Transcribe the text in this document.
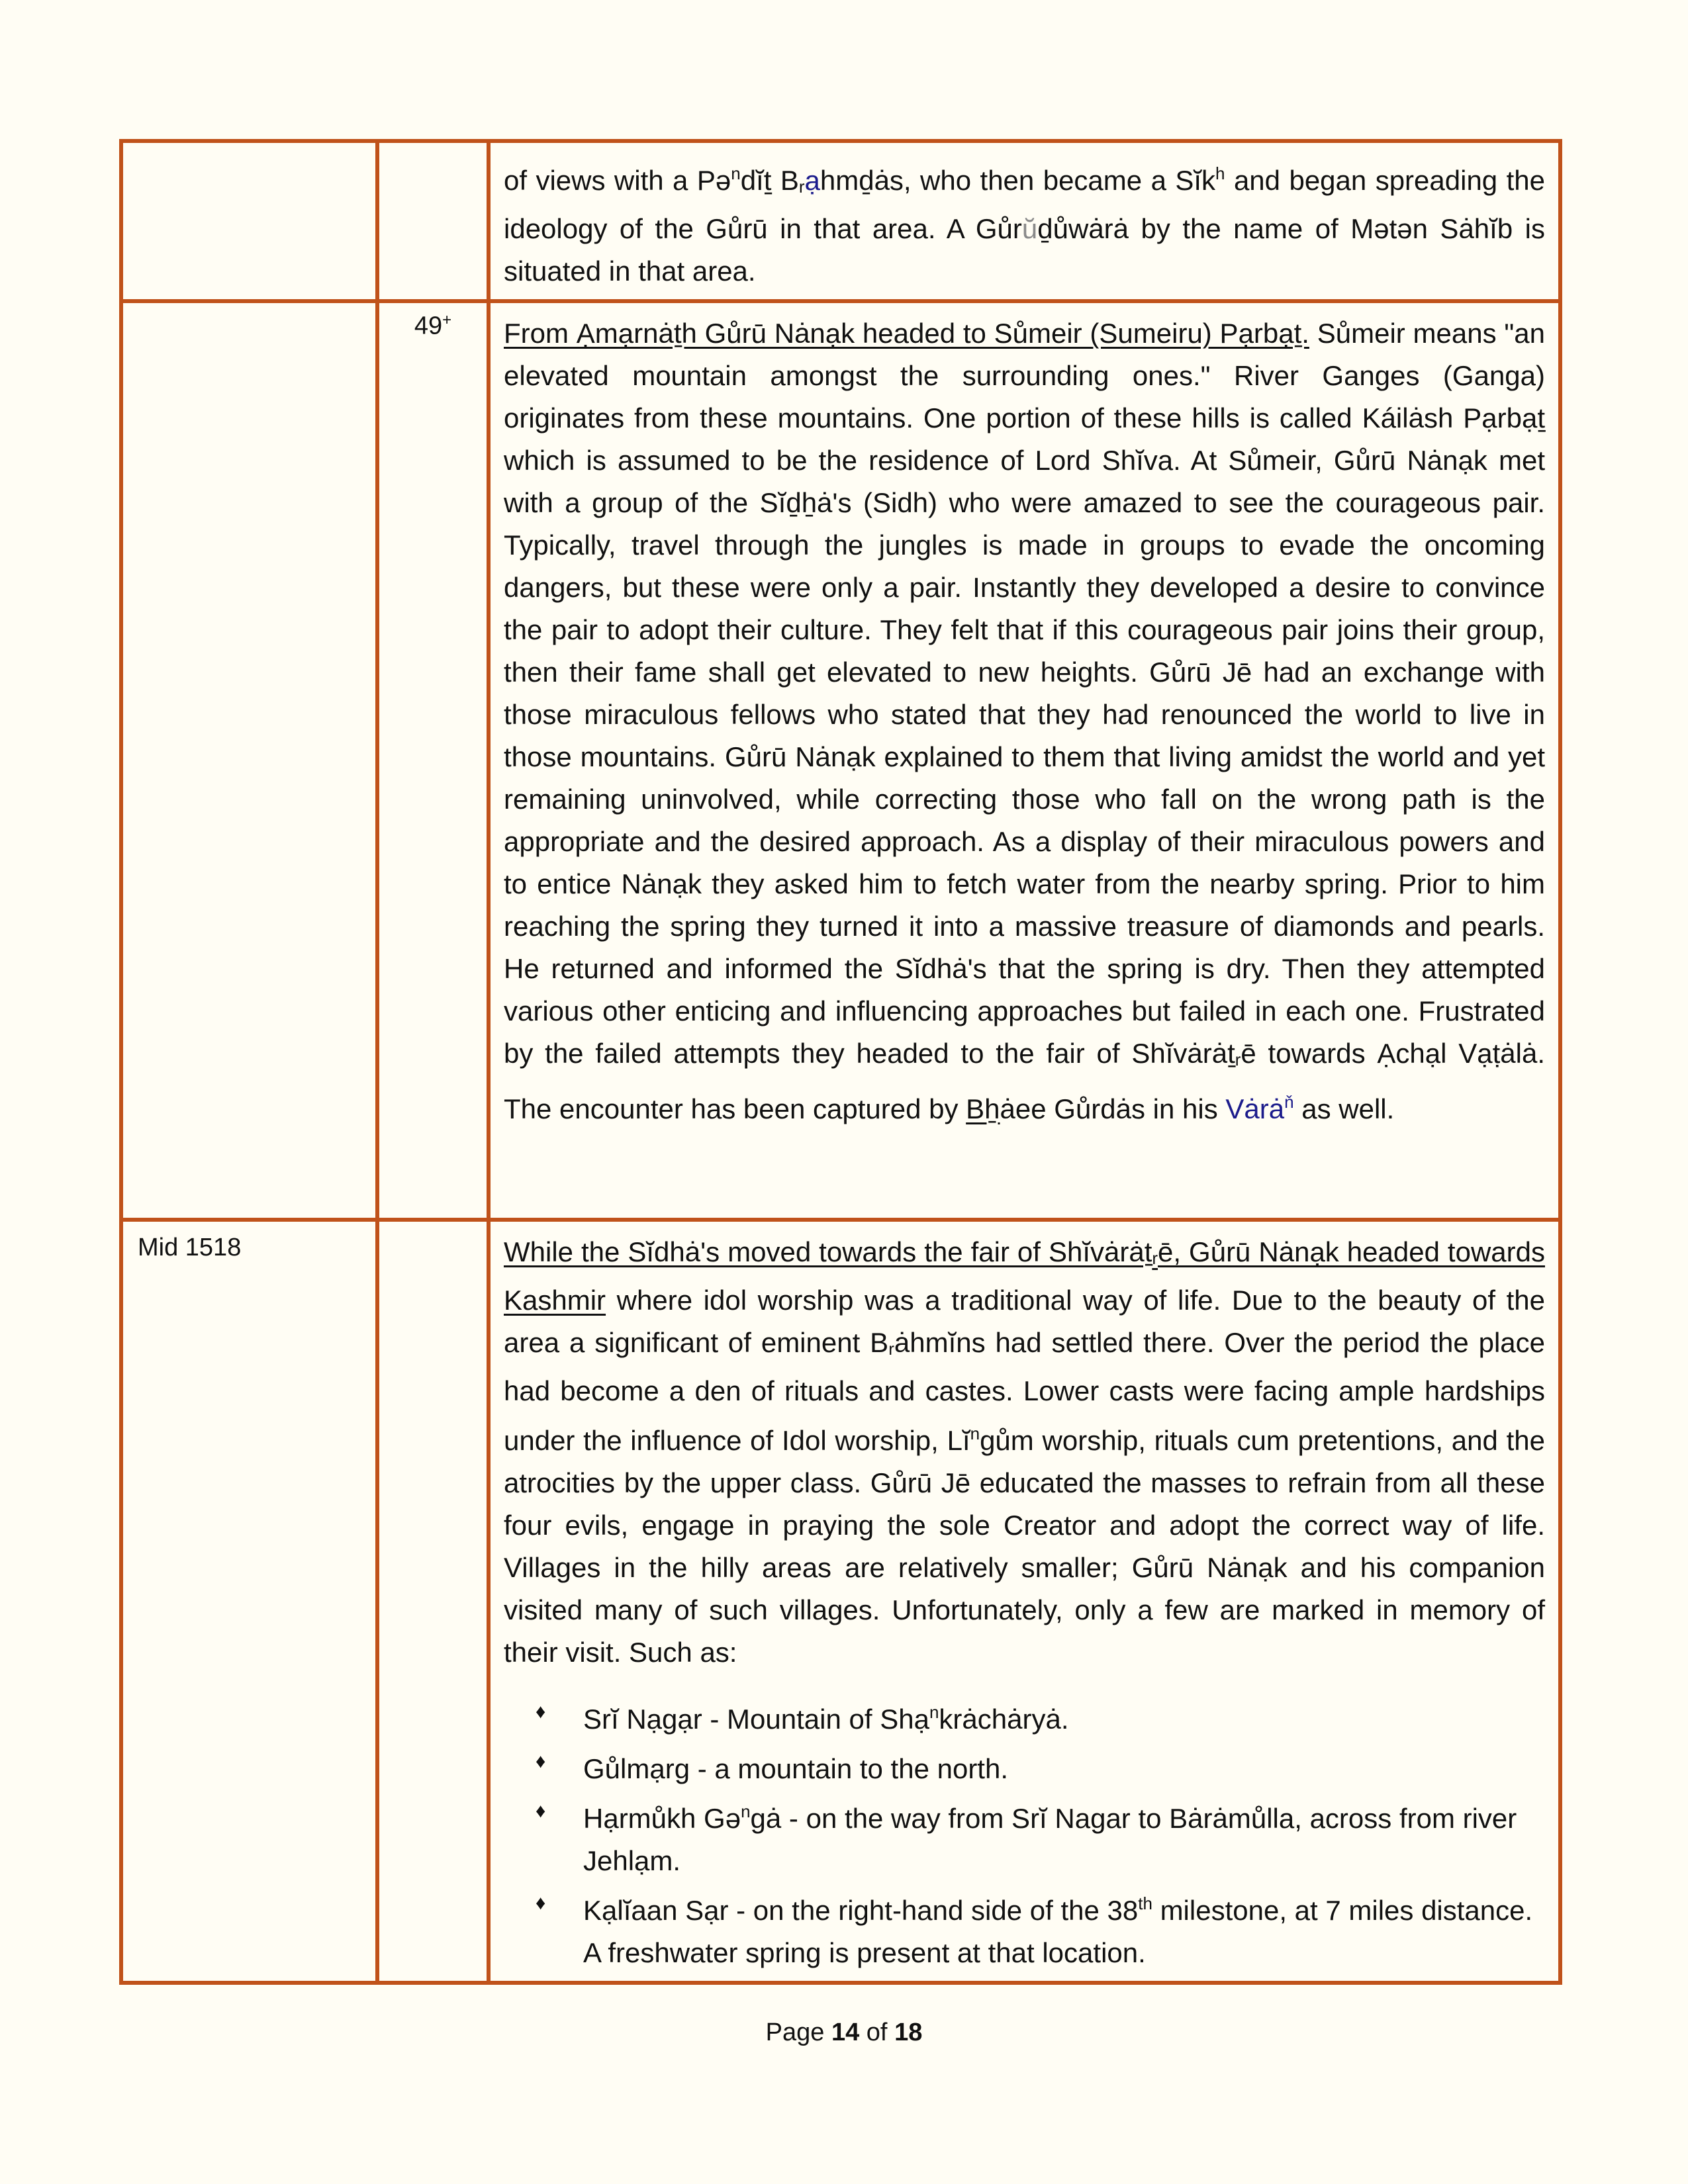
		of views with a Pə$^n$dĭṯ Brạhmḏȧs, who then became a Sĭk$^h$ and began spreading the ideology of the Gůrū in that area. A Gůrŭḏůwȧrȧ by the name of Mətən Sȧhĭb is situated in that area.

	49+	From Ạmạrnȧṯh Gůrū Nȧnạk headed to Sůmeir (Sumeiru) Pạrbạṯ. Sůmeir means "an elevated mountain amongst the surrounding ones." River Ganges (Ganga) originates from these mountains. One portion of these hills is called Káilȧsh Pạrbạṯ which is assumed to be the residence of Lord Shĭva. At Sůmeir, Gůrū Nȧnạk met with a group of the Sĭḏẖȧ's (Sidh) who were amazed to see the courageous pair. Typically, travel through the jungles is made in groups to evade the oncoming dangers, but these were only a pair. Instantly they developed a desire to convince the pair to adopt their culture. They felt that if this courageous pair joins their group, then their fame shall get elevated to new heights. Gůrū Jē had an exchange with those miraculous fellows who stated that they had renounced the world to live in those mountains. Gůrū Nȧnạk explained to them that living amidst the world and yet remaining uninvolved, while correcting those who fall on the wrong path is the appropriate and the desired approach. As a display of their miraculous powers and to entice Nȧnạk they asked him to fetch water from the nearby spring. Prior to him reaching the spring they turned it into a massive treasure of diamonds and pearls. He returned and informed the Sĭdhȧ's that the spring is dry. Then they attempted various other enticing and influencing approaches but failed in each one. Frustrated by the failed attempts they headed to the fair of Shĭvȧrȧṯrē towards Ạchạl Vạṭȧlȧ. The encounter has been captured by Bẖȧee Gůrdȧs in his Vȧrȧ$^ň$ as well.

Mid 1518		While the Sĭdhȧ's moved towards the fair of Shĭvȧrȧṯrē, Gůrū Nȧnạk headed towards Kashmir where idol worship was a traditional way of life. Due to the beauty of the area a significant of eminent Brȧhmĭns had settled there. Over the period the place had become a den of rituals and castes. Lower casts were facing ample hardships under the influence of Idol worship, $Lĭ^ngům$ worship, rituals cum pretentions, and the atrocities by the upper class. Gůrū Jē educated the masses to refrain from all these four evils, engage in praying the sole Creator and adopt the correct way of life. Villages in the hilly areas are relatively smaller; Gůrū Nȧnạk and his companion visited many of such villages. Unfortunately, only a few are marked in memory of their visit. Such as:

♦ Srĭ Nạgạr - Mountain of Shạ$^n$krȧchȧryȧ.
♦ Gůlmạrg - a mountain to the north.
♦ Hạrmůkh Gə$^n$gȧ - on the way from Srĭ Nagar to Bȧrȧmůlla, across from river Jehlạm.
♦ Kạlĭaan Sạr - on the right-hand side of the 38th milestone, at 7 miles distance. A freshwater spring is present at that location.
Page 14 of 18
